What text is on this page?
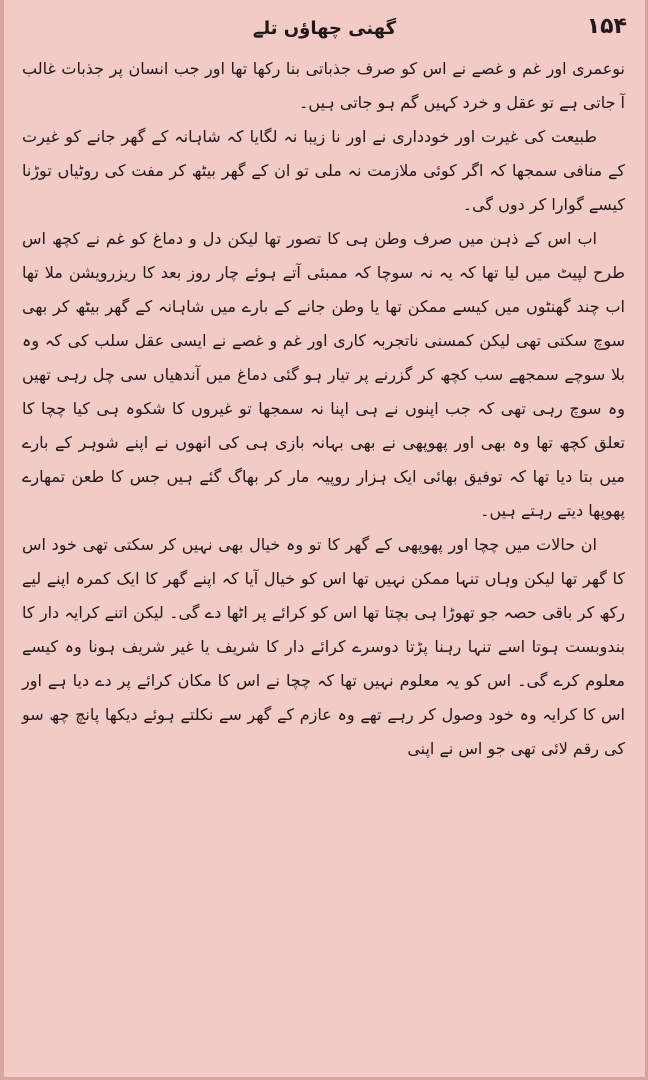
گھنی چھاؤں تلے	۱۵۴

نوعمری اور غم و غصے نے اس کو صرف جذباتی بنا رکھا تھا اور جب انسان پر جذبات غالب آ جاتی ہے تو عقل و خرد کہیں گم ہو جاتی ہیں۔

طبیعت کی غیرت اور خودداری نے اور نا زیبا نہ لگایا کہ شاہانہ کے گھر جانے کو غیرت کے منافی سمجھا کہ اگر کوئی ملازمت نہ ملی تو ان کے گھر بیٹھ کر مفت کی روٹیاں توڑنا کیسے گوارا کر دوں گی۔

اب اس کے ذہن میں صرف وطن ہی کا تصور تھا لیکن دل و دماغ کو غم نے کچھ اس طرح لپیٹ میں لیا تھا کہ یہ نہ سوچا کہ ممبئی آتے ہوئے چار روز بعد کا ریزرویشن ملا تھا اب چند گھنٹوں میں کیسے ممکن تھا یا وطن جانے کے بارے میں شاہانہ کے گھر بیٹھ کر بھی سوچ سکتی تھی لیکن کمسنی ناتجربہ کاری اور غم و غصے نے ایسی عقل سلب کی کہ وہ بلا سوچے سمجھے سب کچھ کر گزرنے پر تیار ہو گئی دماغ میں آندھیاں سی چل رہی تھیں وہ سوچ رہی تھی کہ جب اپنوں نے ہی اپنا نہ سمجھا تو غیروں کا شکوہ ہی کیا چچا کا تعلق کچھ تھا وہ بھی اور پھوپھی نے بھی بہانہ بازی ہی کی انھوں نے اپنے شوہر کے بارے میں بتا دیا تھا کہ توفیق بھائی ایک ہزار روپیہ مار کر بھاگ گئے ہیں جس کا طعن تمھارے پھوپھا دیتے رہتے ہیں۔

ان حالات میں چچا اور پھوپھی کے گھر کا تو وہ خیال بھی نہیں کر سکتی تھی خود اس کا گھر تھا لیکن وہاں تنہا ممکن نہیں تھا اس کو خیال آیا کہ اپنے گھر کا ایک کمرہ اپنے لیے رکھ کر باقی حصہ جو تھوڑا ہی بچتا تھا اس کو کرائے پر اٹھا دے گی۔ لیکن اتنے کرایہ دار کا بندوبست ہوتا اسے تنہا رہنا پڑتا دوسرے کرائے دار کا شریف یا غیر شریف ہونا وہ کیسے معلوم کرے گی۔ اس کو یہ معلوم نہیں تھا کہ چچا نے اس کا مکان کرائے پر دے دیا ہے اور اس کا کرایہ وہ خود وصول کر رہے تھے وہ عازم کے گھر سے نکلتے ہوئے دیکھا پانچ چھ سو کی رقم لائی تھی جو اس نے اپنی
